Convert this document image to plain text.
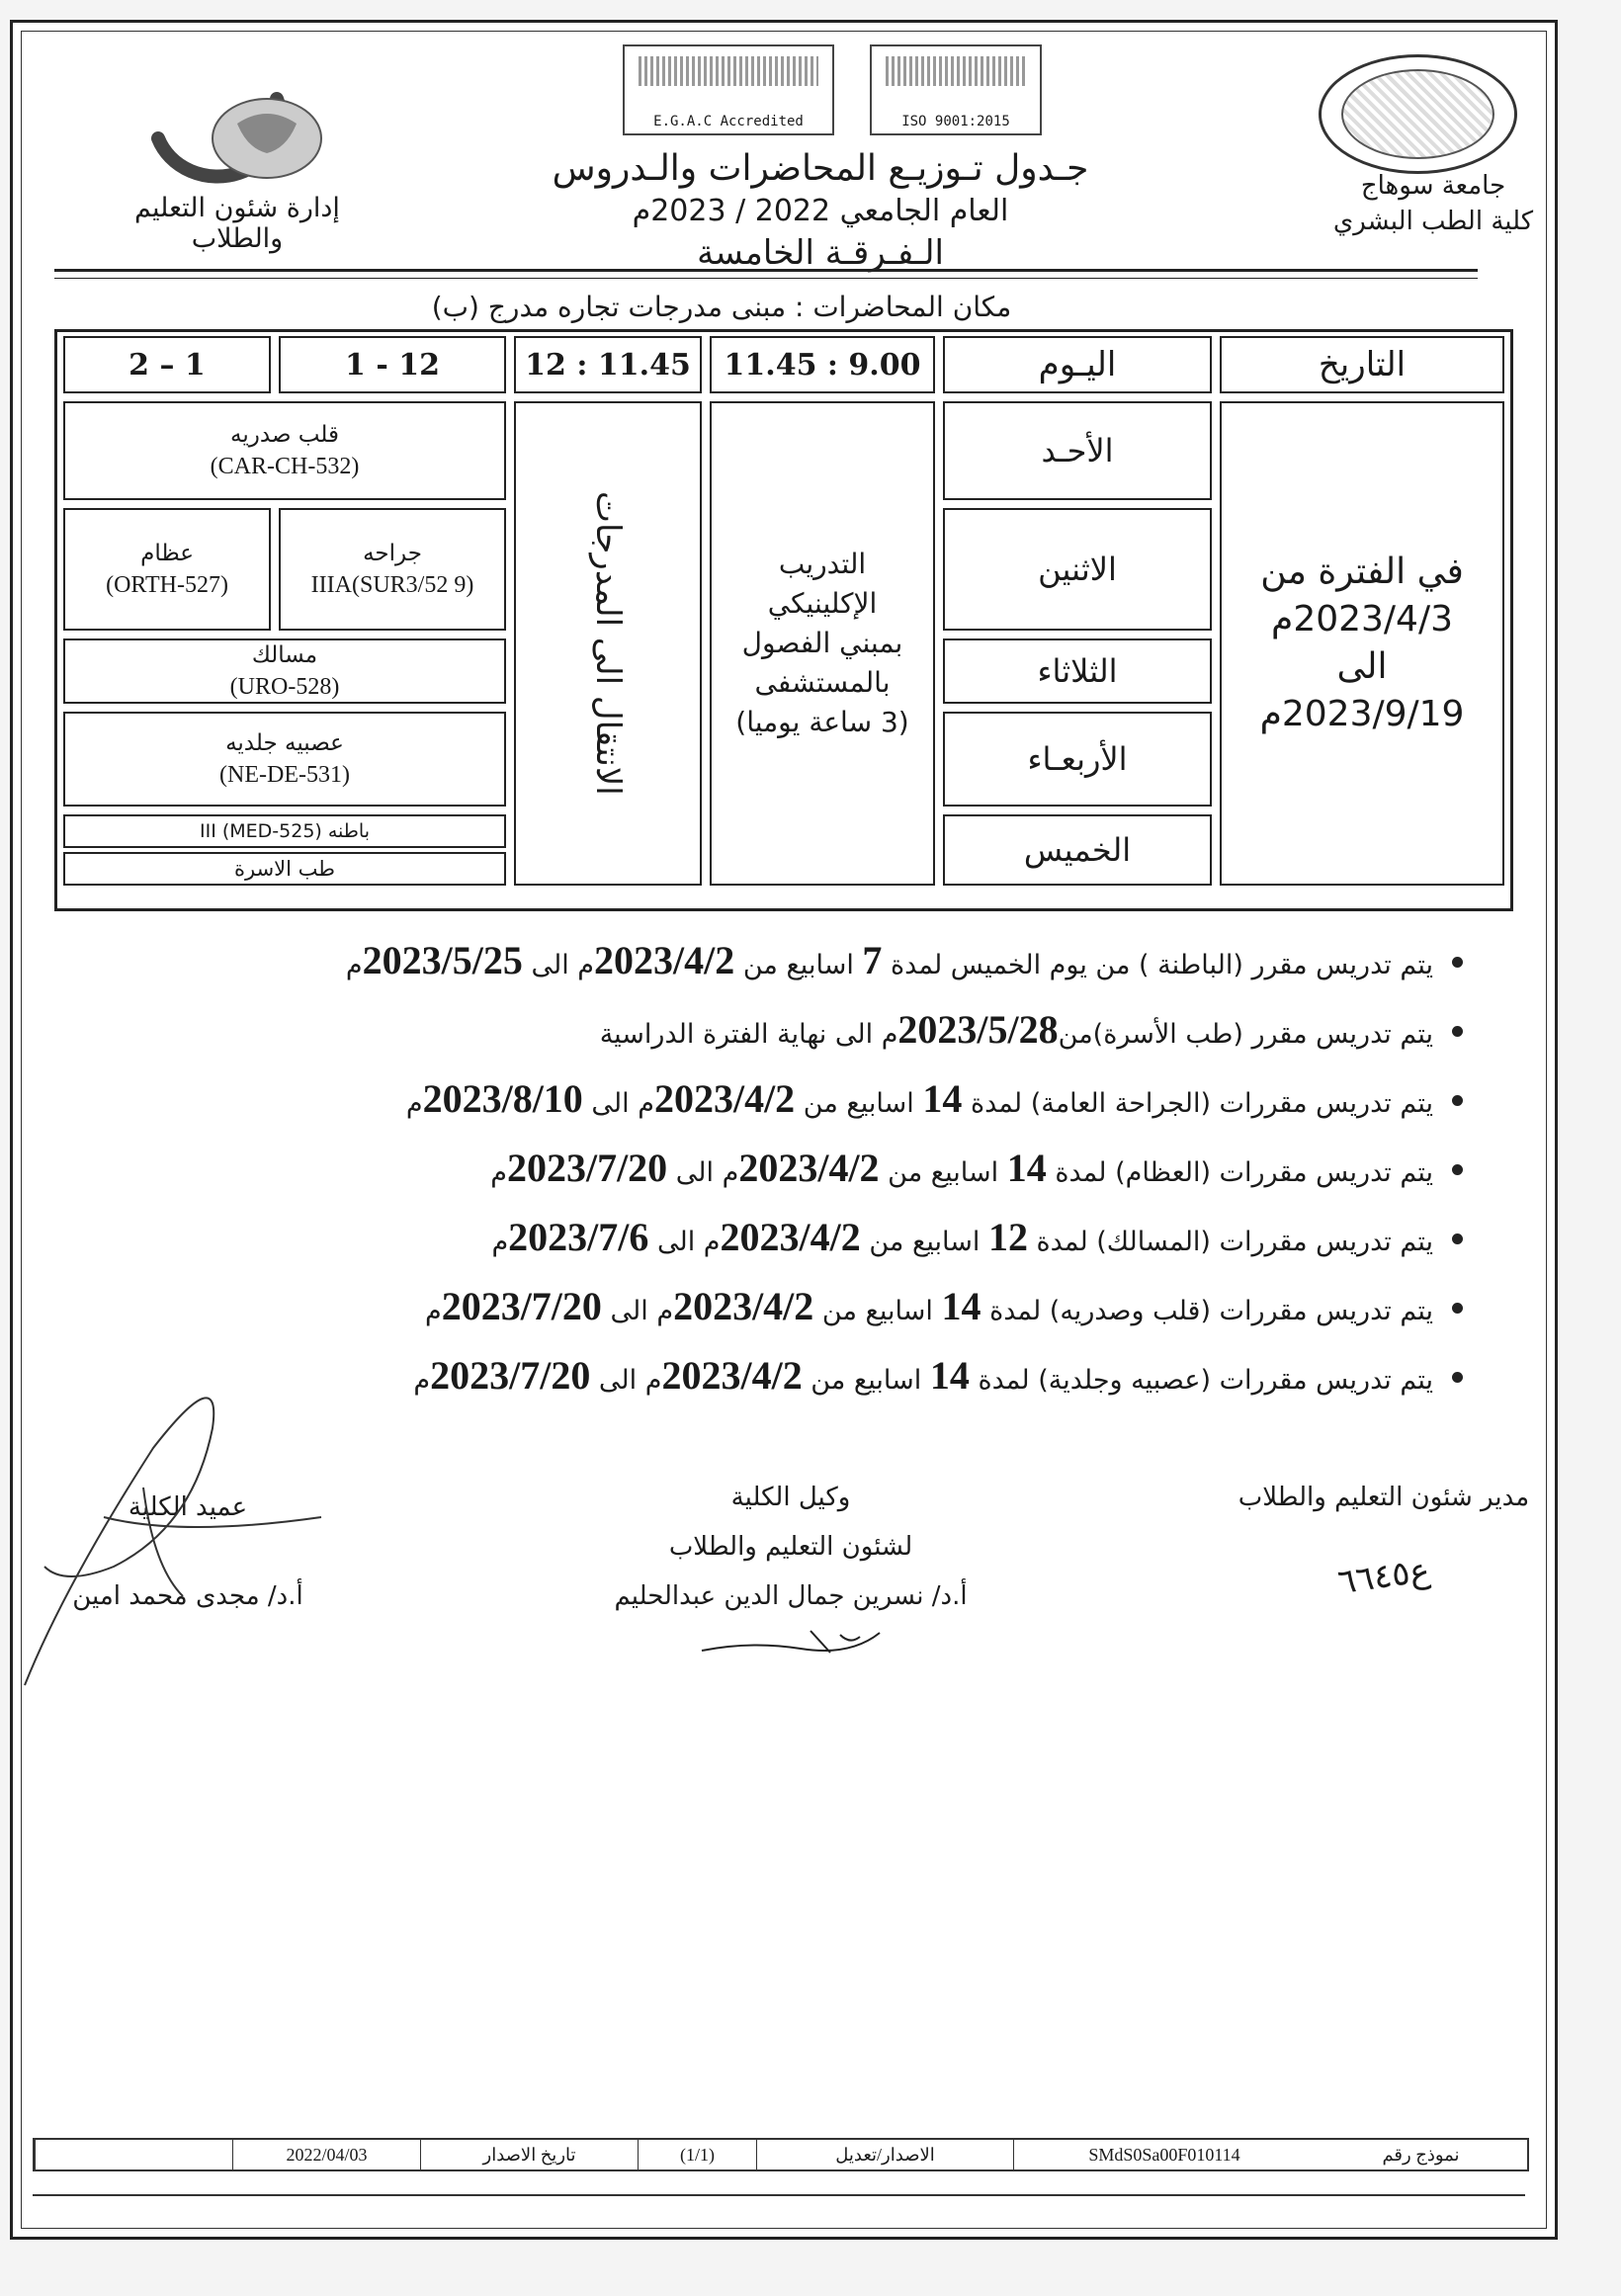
E.G.A.C Accredited	ISO 9001:2015
جامعة سوهاج
كلية الطب البشري
جـدول تـوزيـع المحاضرات والـدروس
العام الجامعي 2022 / 2023م
الـفـرقـة الخامسة
إدارة شئون التعليم والطلاب
مكان المحاضرات : مبنى مدرجات تجاره مدرج (ب)
التاريخ
اليـوم
11.45 : 9.00
12 : 11.45
1 - 12
2 – 1
في الفترة من
2023/4/3م
الى
2023/9/19م
الأحـد
الاثنين
الثلاثاء
الأربعـاء
الخميس
التدريب
الإكلينيكي
بمبني الفصول
بالمستشفى
(3 ساعة يوميا)
الانتقال الى المدرجات
قلب صدريه
(CAR-CH-532)
جراحه
IIIA(SUR3/52 9)
عظام
(ORTH-527)
مسالك
(URO-528)
عصبيه جلديه
(NE-DE-531)
باطنه III (MED-525)
طب الاسرة
يتم تدريس مقرر (الباطنة ) من يوم الخميس لمدة 7 اسابيع من 2023/4/2م الى 2023/5/25م
يتم تدريس مقرر (طب الأسرة)من2023/5/28م الى نهاية الفترة الدراسية
يتم تدريس مقررات (الجراحة العامة) لمدة 14 اسابيع من 2023/4/2م الى 2023/8/10م
يتم تدريس مقررات (العظام) لمدة 14 اسابيع من 2023/4/2م الى 2023/7/20م
يتم تدريس مقررات (المسالك) لمدة 12 اسابيع من 2023/4/2م الى 2023/7/6م
يتم تدريس مقررات (قلب وصدريه) لمدة 14 اسابيع من 2023/4/2م الى 2023/7/20م
يتم تدريس مقررات (عصبيه وجلدية) لمدة 14 اسابيع من 2023/4/2م الى 2023/7/20م
مدير شئون التعليم والطلاب
ع٦٦٤٥
وكيل الكلية
لشئون التعليم والطلاب
أ.د/ نسرين جمال الدين عبدالحليم
عميد الكلية
أ.د/ مجدى محمد امين
نموذج رقم
SMdS0Sa00F010114
الاصدار/تعديل
(1/1)
تاريخ الاصدار
2022/04/03
